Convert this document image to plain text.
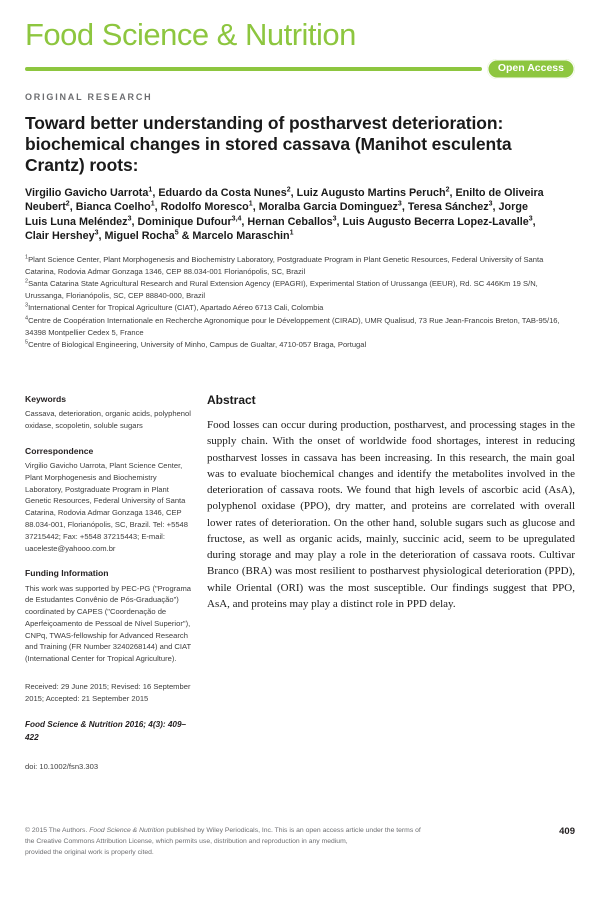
Food Science & Nutrition
Open Access
ORIGINAL RESEARCH
Toward better understanding of postharvest deterioration: biochemical changes in stored cassava (Manihot esculenta Crantz) roots:
Virgilio Gavicho Uarrota$^1$, Eduardo da Costa Nunes$^2$, Luiz Augusto Martins Peruch$^2$, Enilto de Oliveira Neubert$^2$, Bianca Coelho$^1$, Rodolfo Moresco$^1$, Moralba Garcia Dominguez$^3$, Teresa Sánchez$^3$, Jorge Luis Luna Meléndez$^3$, Dominique Dufour$^{3,4}$, Hernan Ceballos$^3$, Luis Augusto Becerra Lopez-Lavalle$^3$, Clair Hershey$^3$, Miguel Rocha$^5$ & Marcelo Maraschin$^1$
$^1$Plant Science Center, Plant Morphogenesis and Biochemistry Laboratory, Postgraduate Program in Plant Genetic Resources, Federal University of Santa Catarina, Rodovia Admar Gonzaga 1346, CEP 88.034-001 Florianópolis, SC, Brazil
$^2$Santa Catarina State Agricultural Research and Rural Extension Agency (EPAGRI), Experimental Station of Urussanga (EEUR), Rd. SC 446Km 19 S/N, Urussanga, Florianópolis, SC, CEP 88840-000, Brazil
$^3$International Center for Tropical Agriculture (CIAT), Apartado Aéreo 6713 Cali, Colombia
$^4$Centre de Coopération Internationale en Recherche Agronomique pour le Développement (CIRAD), UMR Qualisud, 73 Rue Jean-Francois Breton, TAB-95/16, 34398 Montpellier Cedex 5, France
$^5$Centre of Biological Engineering, University of Minho, Campus de Gualtar, 4710-057 Braga, Portugal
Keywords
Cassava, deterioration, organic acids, polyphenol oxidase, scopoletin, soluble sugars
Correspondence
Virgilio Gavicho Uarrota, Plant Science Center, Plant Morphogenesis and Biochemistry Laboratory, Postgraduate Program in Plant Genetic Resources, Federal University of Santa Catarina, Rodovia Admar Gonzaga 1346, CEP 88.034-001, Florianópolis, SC, Brazil. Tel: +5548 37215442; Fax: +5548 37215443; E-mail: uaceleste@yahooo.com.br
Funding Information
This work was supported by PEC-PG ("Programa de Estudantes Convênio de Pós-Graduação") coordinated by CAPES ("Coordenação de Aperfeiçoamento de Pessoal de Nível Superior"), CNPq, TWAS-fellowship for Advanced Research and Training (FR Number 3240268144) and CIAT (International Center for Tropical Agriculture).
Received: 29 June 2015; Revised: 16 September 2015; Accepted: 21 September 2015
Food Science & Nutrition 2016; 4(3): 409–422
doi: 10.1002/fsn3.303
Abstract

Food losses can occur during production, postharvest, and processing stages in the supply chain. With the onset of worldwide food shortages, interest in reducing postharvest losses in cassava has been increasing. In this research, the main goal was to evaluate biochemical changes and identify the metabolites involved in the deterioration of cassava roots. We found that high levels of ascorbic acid (AsA), polyphenol oxidase (PPO), dry matter, and proteins are correlated with overall lower rates of deterioration. On the other hand, soluble sugars such as glucose and fructose, as well as organic acids, mainly, succinic acid, seem to be upregulated during storage and may play a role in the deterioration of cassava roots. Cultivar Branco (BRA) was most resilient to postharvest physiological deterioration (PPD), while Oriental (ORI) was the most susceptible. Our findings suggest that PPO, AsA, and proteins may play a distinct role in PPD delay.

© 2015 The Authors. Food Science & Nutrition published by Wiley Periodicals, Inc. This is an open access article under the terms of
the Creative Commons Attribution License, which permits use, distribution and reproduction in any medium,
provided the original work is properly cited.
409
